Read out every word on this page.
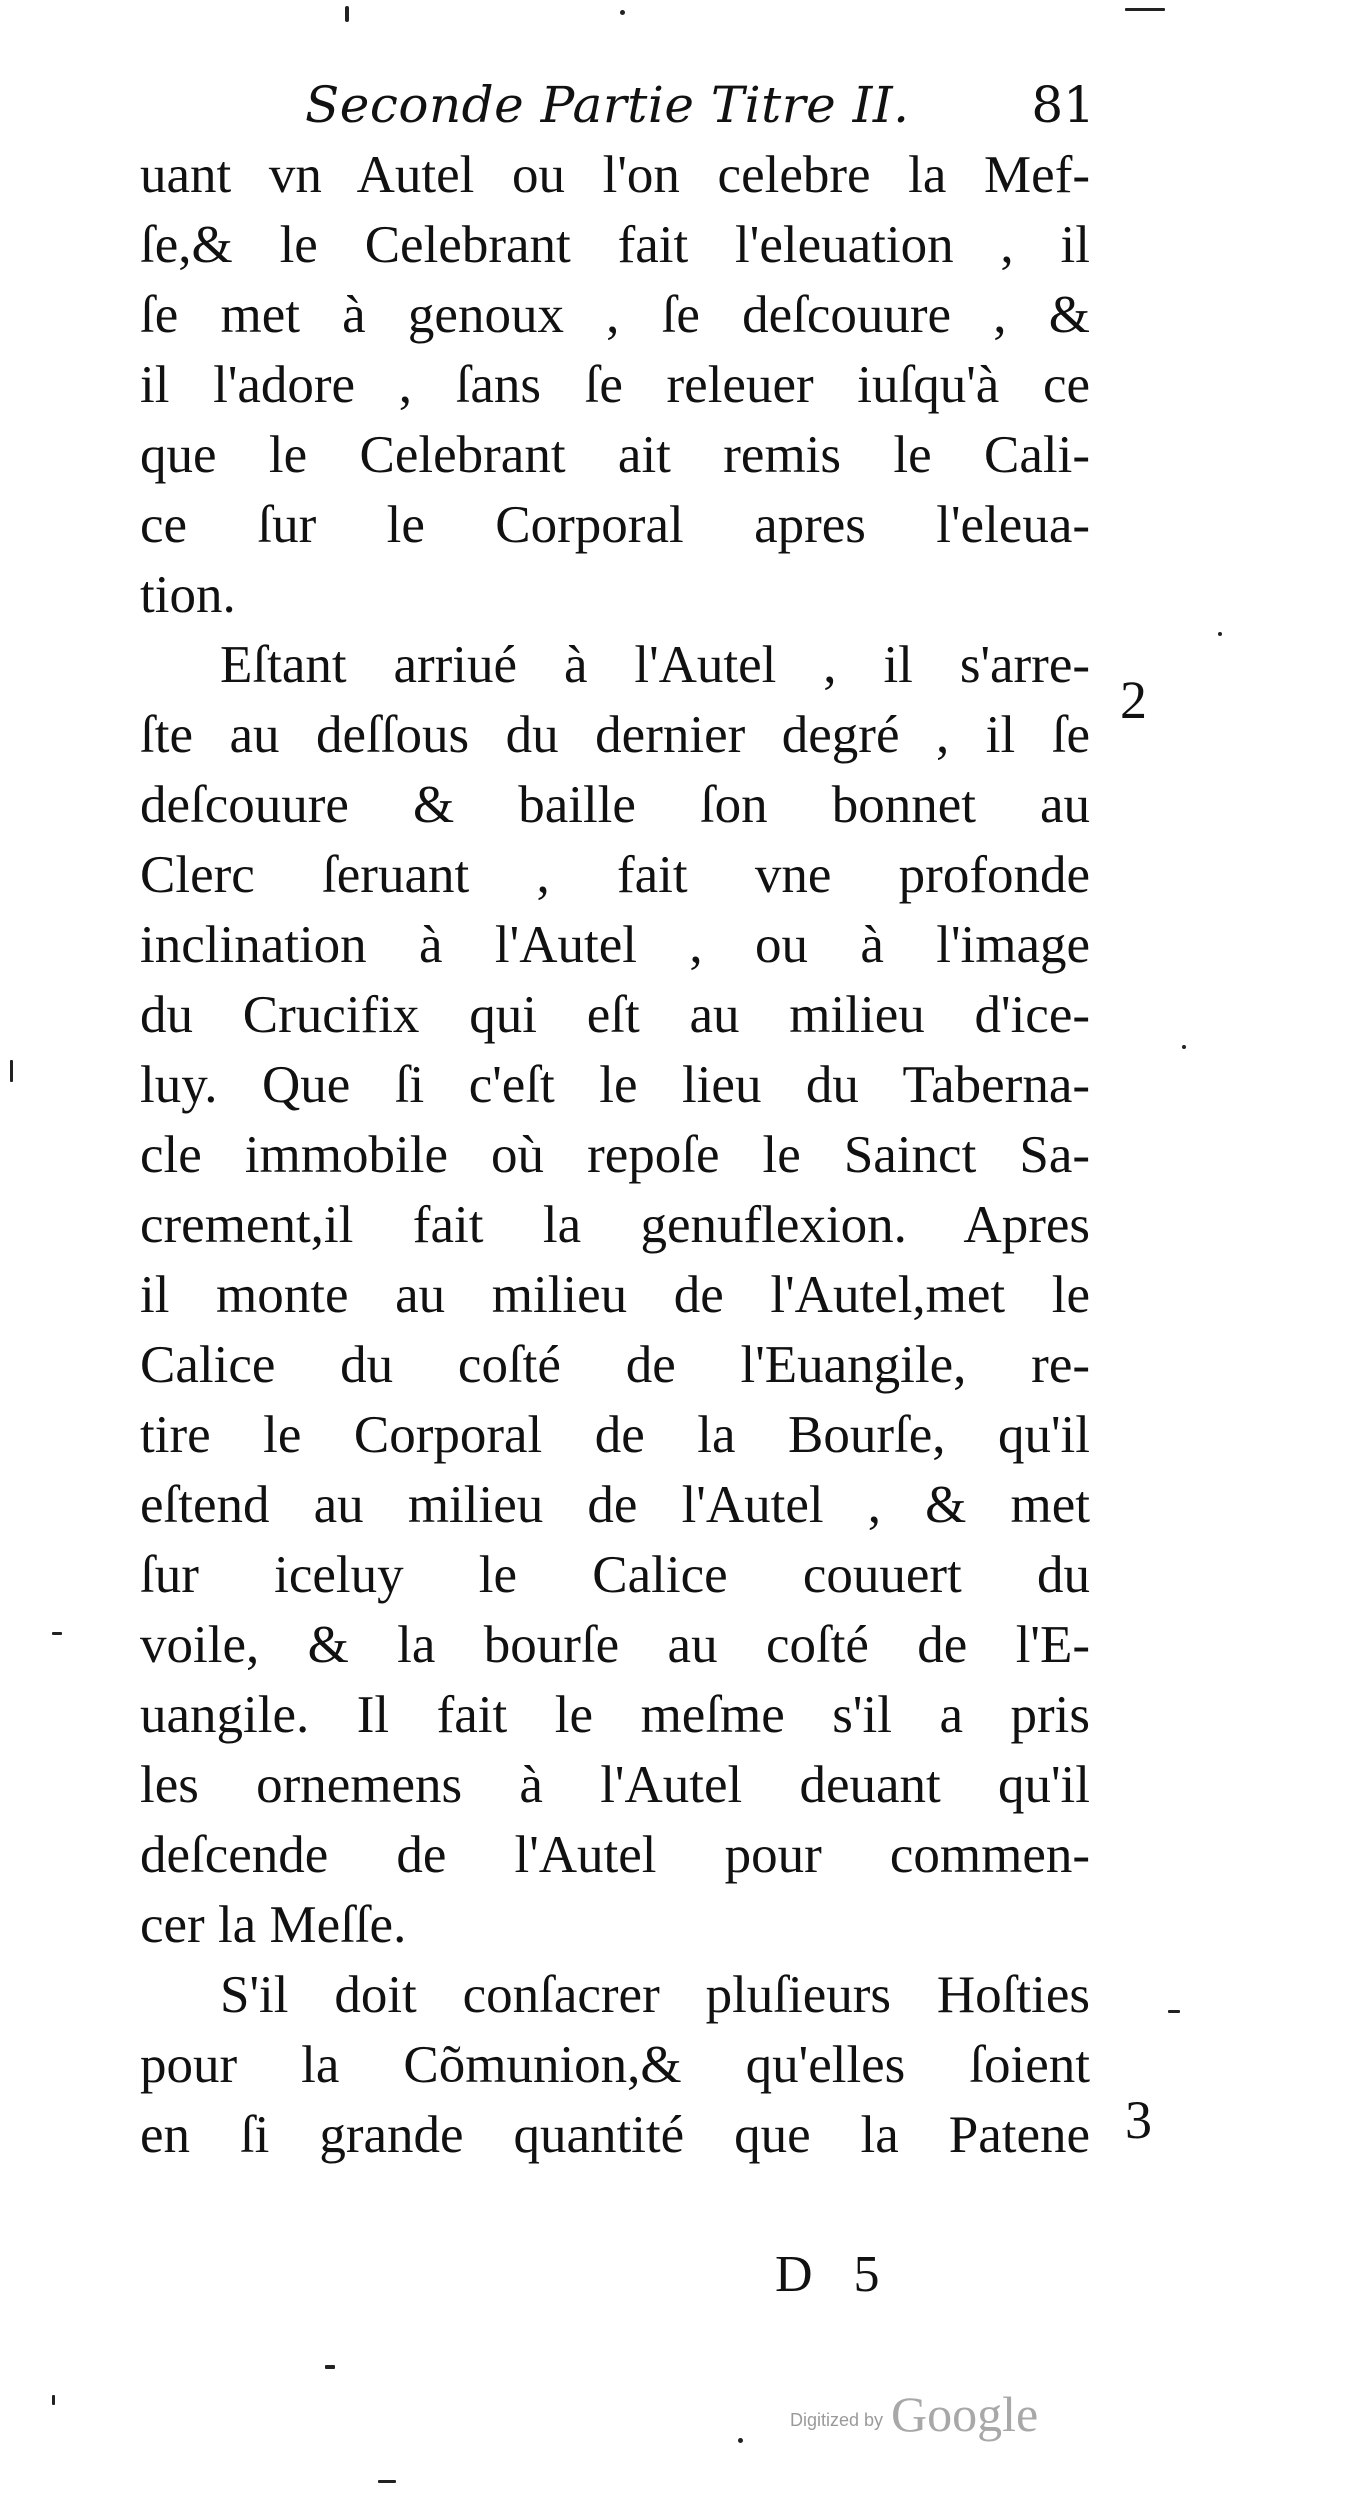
Seconde Partie Titre II. 81
uant vn Autel ou l'on celebre la Mef-
ſe,& le Celebrant fait l'eleuation , il
ſe met à genoux , ſe deſcouure , &
il l'adore , ſans ſe releuer iuſqu'à ce
que le Celebrant ait remis le Cali-
ce ſur le Corporal apres l'eleua-
tion.
Eſtant arriué à l'Autel , il s'arre-
ſte au deſſous du dernier degré , il ſe
deſcouure & baille ſon bonnet au
Clerc ſeruant , fait vne profonde
inclination à l'Autel , ou à l'image
du Crucifix qui eſt au milieu d'ice-
luy. Que ſi c'eſt le lieu du Taberna-
cle immobile où repoſe le Sainct Sa-
crement,il fait la genuflexion. Apres
il monte au milieu de l'Autel,met le
Calice du coſté de l'Euangile, re-
tire le Corporal de la Bourſe, qu'il
eſtend au milieu de l'Autel , & met
ſur iceluy le Calice couuert du
voile, & la bourſe au coſté de l'E-
uangile. Il fait le meſme s'il a pris
les ornemens à l'Autel deuant qu'il
deſcende de l'Autel pour commen-
cer la Meſſe.
S'il doit conſacrer pluſieurs Hoſties
pour la Cõmunion,& qu'elles ſoient
en ſi grande quantité que la Patene
2
3
D 5
Digitized by Google
